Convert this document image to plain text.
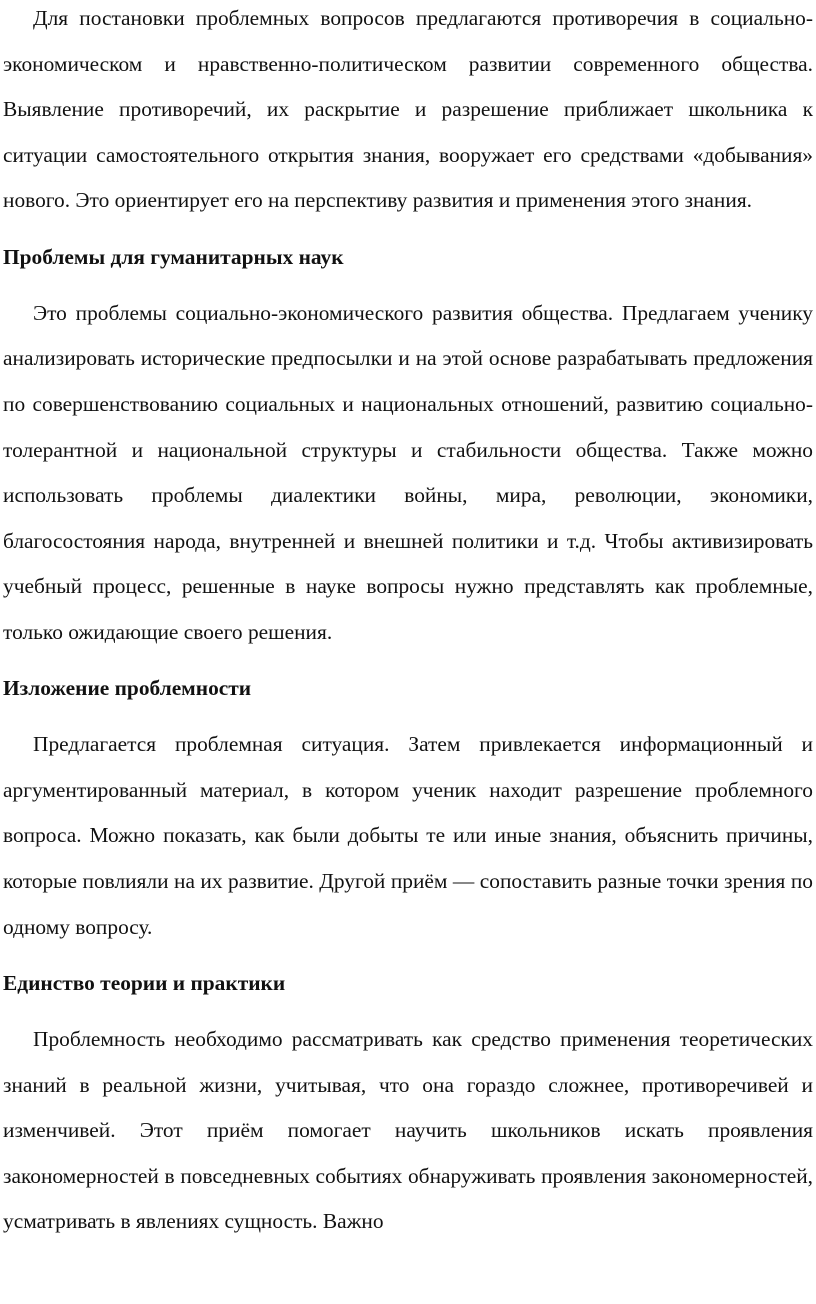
Для постановки проблемных вопросов предлагаются противоречия в социально-экономическом и нравственно-политическом развитии современного общества. Выявление противоречий, их раскрытие и разрешение приближает школьника к ситуации самостоятельного открытия знания, вооружает его средствами «добывания» нового. Это ориентирует его на перспективу развития и применения этого знания.

Проблемы для гуманитарных наук

Это проблемы социально-экономического развития общества. Предлагаем ученику анализировать исторические предпосылки и на этой основе разрабатывать предложения по совершенствованию социальных и национальных отношений, развитию социально-толерантной и национальной структуры и стабильности общества. Также можно использовать проблемы диалектики войны, мира, революции, экономики, благосостояния народа, внутренней и внешней политики и т.д. Чтобы активизировать учебный процесс, решенные в науке вопросы нужно представлять как проблемные, только ожидающие своего решения.

Изложение проблемности

Предлагается проблемная ситуация. Затем привлекается информационный и аргументированный материал, в котором ученик находит разрешение проблемного вопроса. Можно показать, как были добыты те или иные знания, объяснить причины, которые повлияли на их развитие. Другой приём — сопоставить разные точки зрения по одному вопросу.

Единство теории и практики

Проблемность необходимо рассматривать как средство применения теоретических знаний в реальной жизни, учитывая, что она гораздо сложнее, противоречивей и изменчивей. Этот приём помогает научить школьников искать проявления закономерностей в повседневных событиях обнаруживать проявления закономерностей, усматривать в явлениях сущность. Важно
